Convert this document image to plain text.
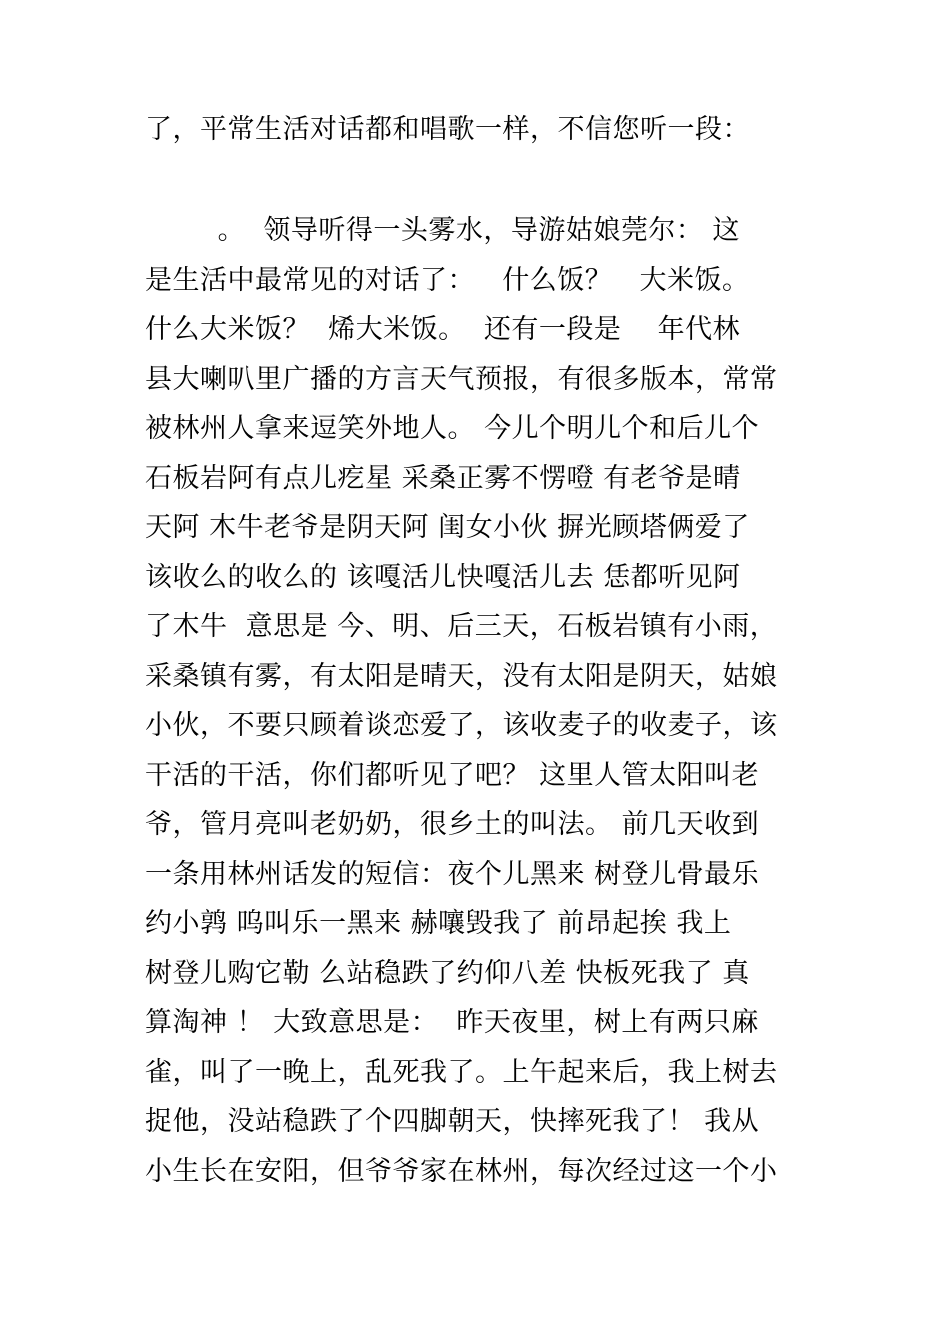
了，平常生活对话都和唱歌一样，不信您听一段：
。  领导听得一头雾水，导游姑娘莞尔： 这
是生活中最常见的对话了：   什么饭？   大米饭。
什么大米饭？  烯大米饭。  还有一段是    年代林
县大喇叭里广播的方言天气预报，有很多版本，常常
被林州人拿来逗笑外地人。 今儿个明儿个和后儿个
石板岩阿有点儿疙星 采桑正雾不愣噔 有老爷是晴
天阿 木牛老爷是阴天阿 闺女小伙 摒光顾塔俩爱了
该收么的收么的 该嘎活儿快嘎活儿去 恁都听见阿
了木牛  意思是 今、明、后三天，石板岩镇有小雨，
采桑镇有雾，有太阳是晴天，没有太阳是阴天，姑娘
小伙，不要只顾着谈恋爱了，该收麦子的收麦子，该
干活的干活，你们都听见了吧？ 这里人管太阳叫老
爷，管月亮叫老奶奶，很乡土的叫法。 前几天收到
一条用林州话发的短信：夜个儿黑来 树登儿骨最乐
约小鹑 呜叫乐一黑来 赫嚷毁我了 前昂起挨 我上
树登儿购它勒 么站稳跌了约仰八差 快板死我了 真
算淘神 ！ 大致意思是：  昨天夜里，树上有两只麻
雀，叫了一晚上，乱死我了。上午起来后，我上树去
捉他，没站稳跌了个四脚朝天，快摔死我了！ 我从
小生长在安阳，但爷爷家在林州，每次经过这一个小
